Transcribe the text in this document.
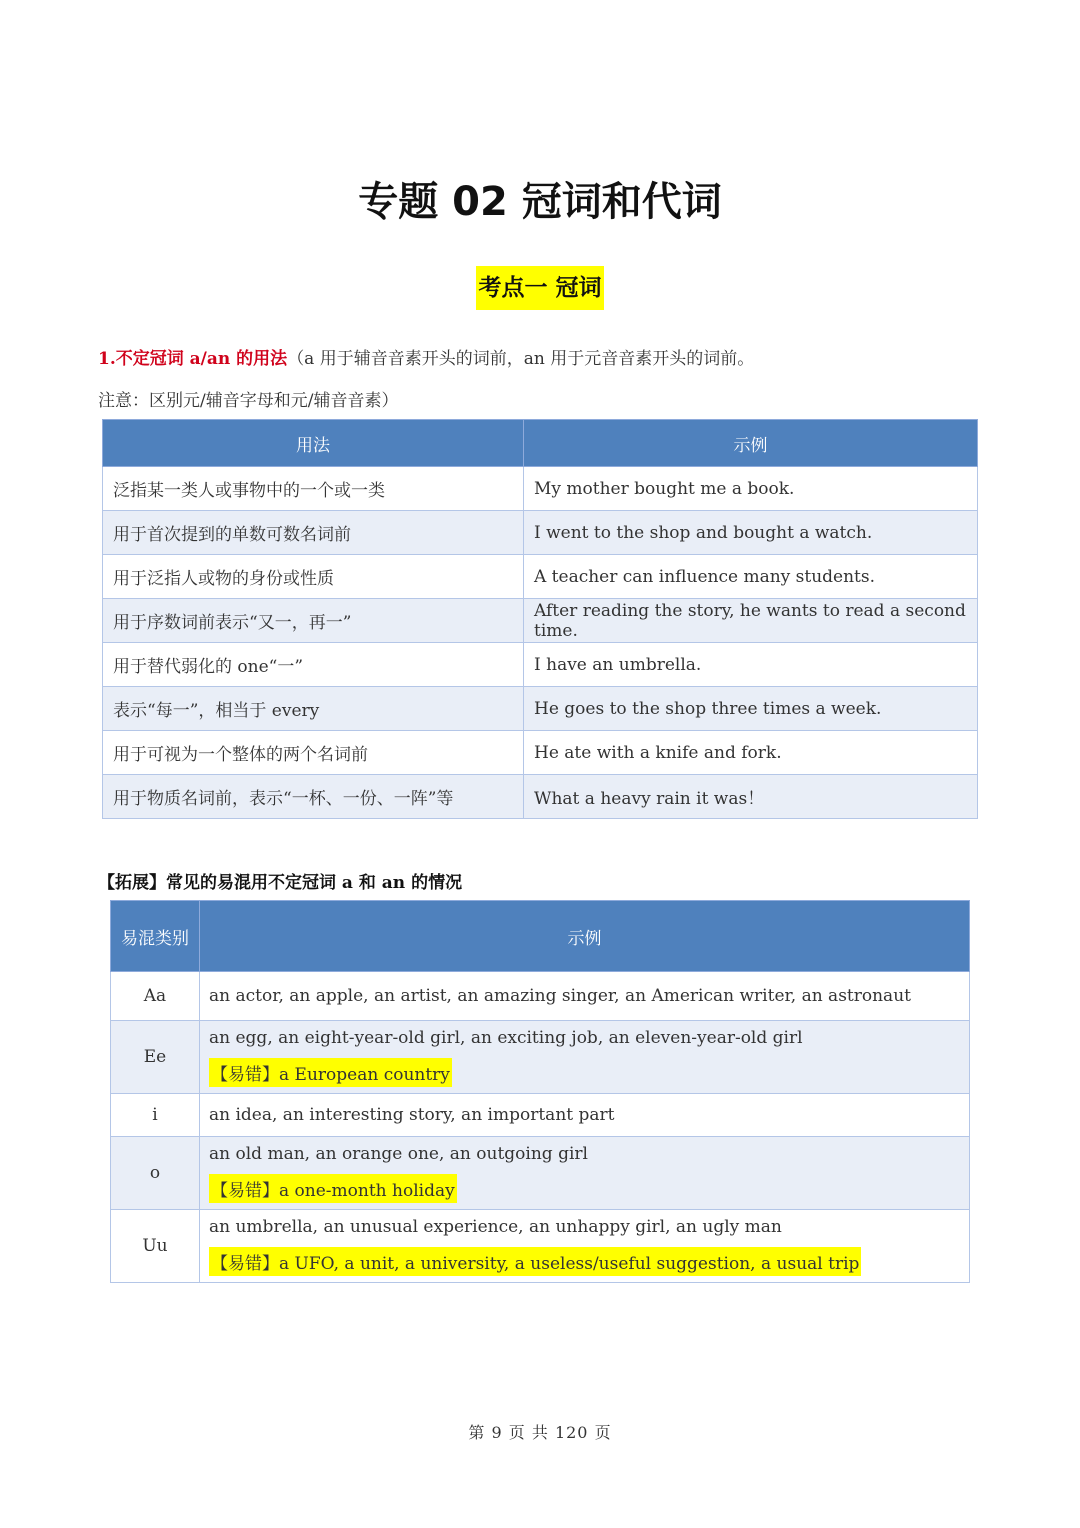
专题 02 冠词和代词
考点一 冠词
1.不定冠词 a/an 的用法（a 用于辅音音素开头的词前，an 用于元音音素开头的词前。
注意：区别元/辅音字母和元/辅音音素）
用法	示例
泛指某一类人或事物中的一个或一类	My mother bought me a book.
用于首次提到的单数可数名词前	I went to the shop and bought a watch.
用于泛指人或物的身份或性质	A teacher can influence many students.
用于序数词前表示“又一，再一”	After reading the story, he wants to read a second time.
用于替代弱化的 one“一”	I have an umbrella.
表示“每一”，相当于 every	He goes to the shop three times a week.
用于可视为一个整体的两个名词前	He ate with a knife and fork.
用于物质名词前，表示“一杯、一份、一阵”等	What a heavy rain it was！
【拓展】常见的易混用不定冠词 a 和 an 的情况
易混类别	示例
Aa	an actor, an apple, an artist, an amazing singer, an American writer, an astronaut

Ee	an egg, an eight-year-old girl, an exciting job, an eleven-year-old girl
【易错】a European country

i	an idea, an interesting story, an important part

o	an old man, an orange one, an outgoing girl
【易错】a one-month holiday

Uu	an umbrella, an unusual experience, an unhappy girl, an ugly man
【易错】a UFO, a unit, a university, a useless/useful suggestion, a usual trip
第 9 页 共 120 页
